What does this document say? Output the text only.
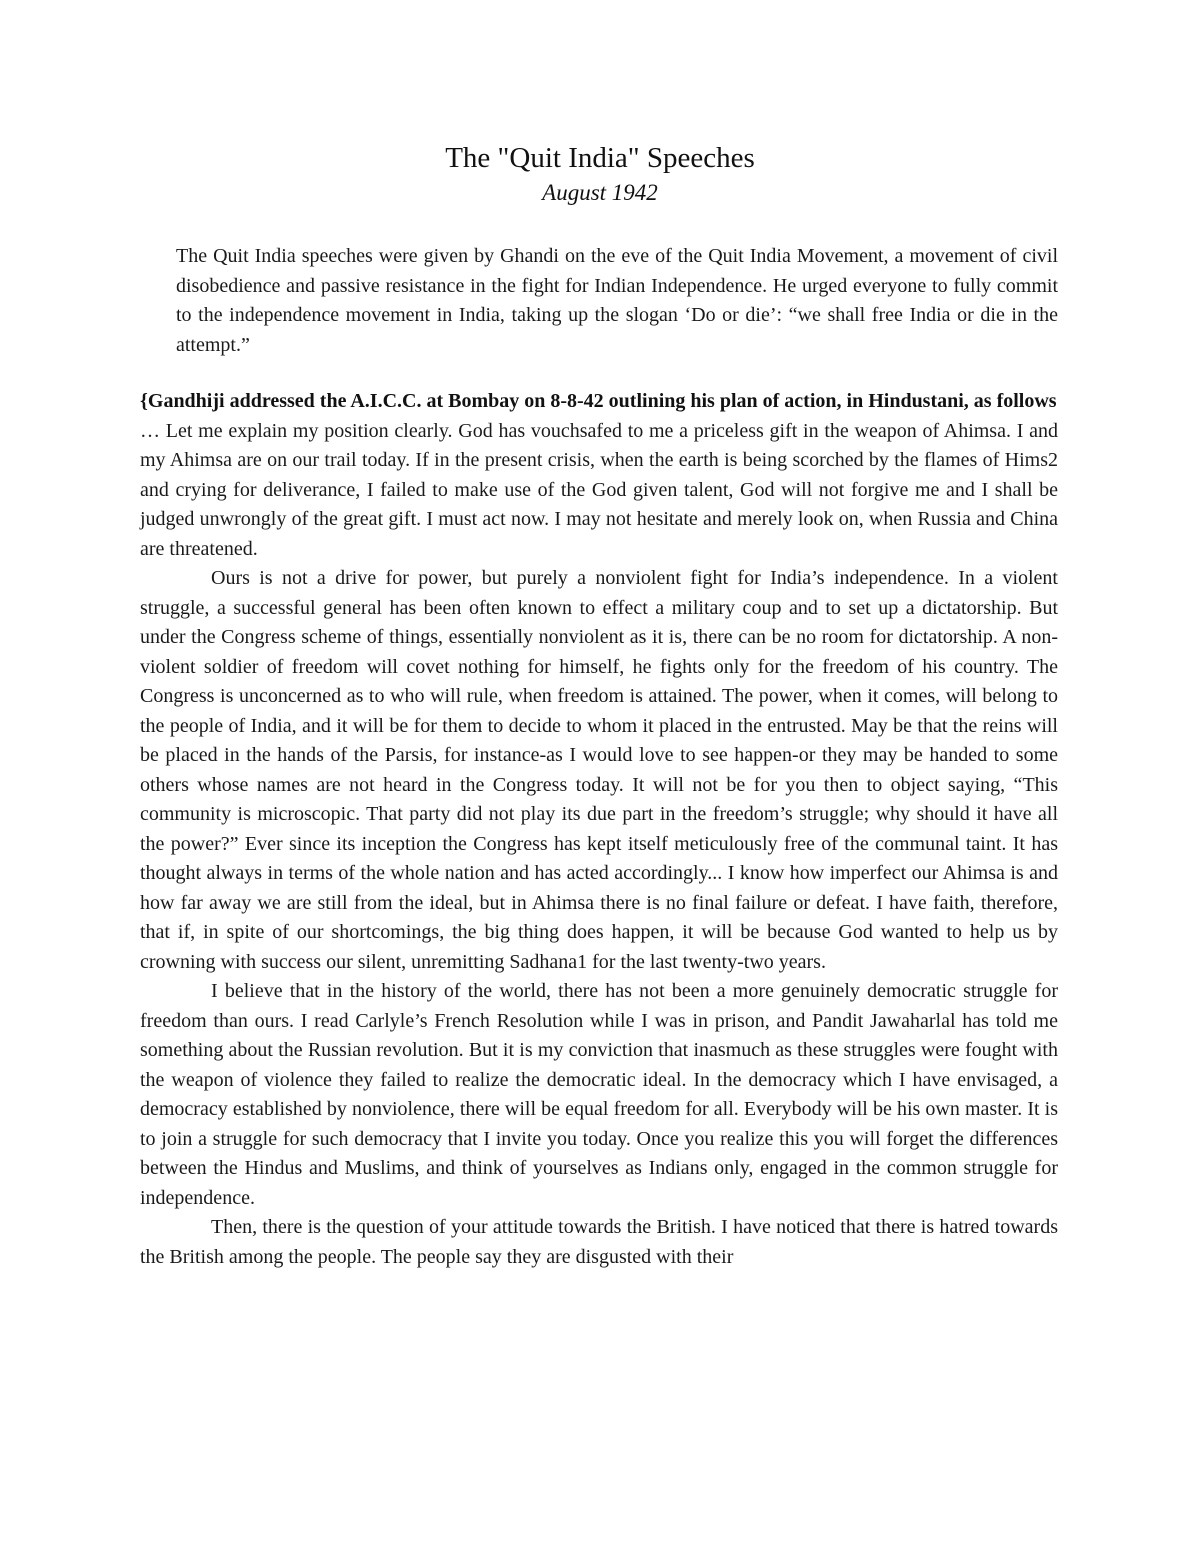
The "Quit India" Speeches
August 1942

The Quit India speeches were given by Ghandi on the eve of the Quit India Movement, a movement of civil disobedience and passive resistance in the fight for Indian Independence. He urged everyone to fully commit to the independence movement in India, taking up the slogan ‘Do or die’: “we shall free India or die in the attempt.”

{Gandhiji addressed the A.I.C.C. at Bombay on 8-8-42 outlining his plan of action, in Hindustani, as follows

… Let me explain my position clearly. God has vouchsafed to me a priceless gift in the weapon of Ahimsa. I and my Ahimsa are on our trail today. If in the present crisis, when the earth is being scorched by the flames of Hims2 and crying for deliverance, I failed to make use of the God given talent, God will not forgive me and I shall be judged unwrongly of the great gift. I must act now. I may not hesitate and merely look on, when Russia and China are threatened.

Ours is not a drive for power, but purely a nonviolent fight for India’s independence. In a violent struggle, a successful general has been often known to effect a military coup and to set up a dictatorship. But under the Congress scheme of things, essentially nonviolent as it is, there can be no room for dictatorship. A non-violent soldier of freedom will covet nothing for himself, he fights only for the freedom of his country. The Congress is unconcerned as to who will rule, when freedom is attained. The power, when it comes, will belong to the people of India, and it will be for them to decide to whom it placed in the entrusted. May be that the reins will be placed in the hands of the Parsis, for instance-as I would love to see happen-or they may be handed to some others whose names are not heard in the Congress today. It will not be for you then to object saying, “This community is microscopic. That party did not play its due part in the freedom’s struggle; why should it have all the power?” Ever since its inception the Congress has kept itself meticulously free of the communal taint. It has thought always in terms of the whole nation and has acted accordingly... I know how imperfect our Ahimsa is and how far away we are still from the ideal, but in Ahimsa there is no final failure or defeat. I have faith, therefore, that if, in spite of our shortcomings, the big thing does happen, it will be because God wanted to help us by crowning with success our silent, unremitting Sadhana1 for the last twenty-two years.

I believe that in the history of the world, there has not been a more genuinely democratic struggle for freedom than ours. I read Carlyle’s French Resolution while I was in prison, and Pandit Jawaharlal has told me something about the Russian revolution. But it is my conviction that inasmuch as these struggles were fought with the weapon of violence they failed to realize the democratic ideal. In the democracy which I have envisaged, a democracy established by nonviolence, there will be equal freedom for all. Everybody will be his own master. It is to join a struggle for such democracy that I invite you today. Once you realize this you will forget the differences between the Hindus and Muslims, and think of yourselves as Indians only, engaged in the common struggle for independence.

Then, there is the question of your attitude towards the British. I have noticed that there is hatred towards the British among the people. The people say they are disgusted with their
